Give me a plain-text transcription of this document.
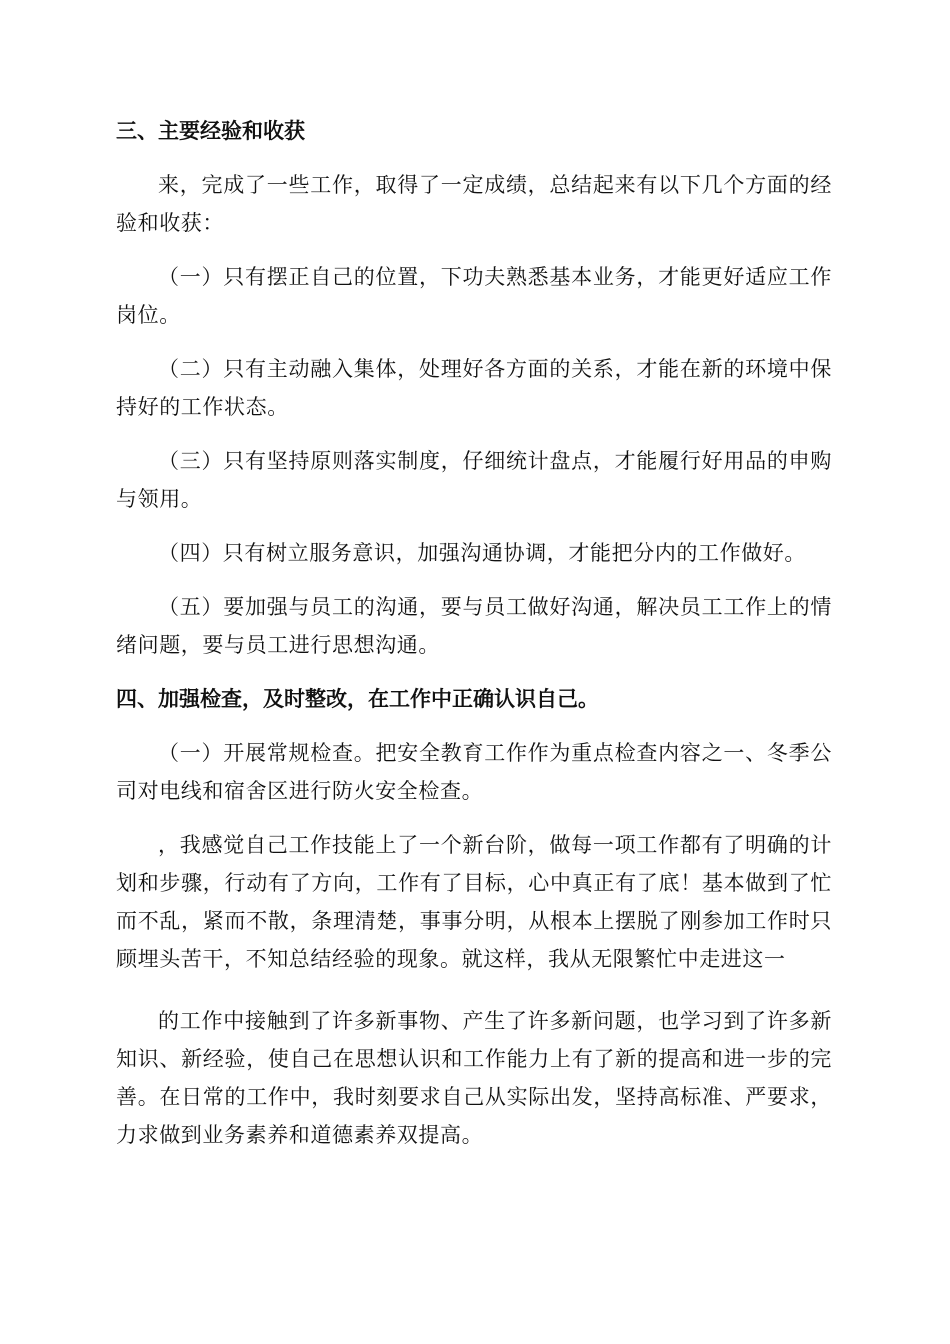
三、主要经验和收获

来，完成了一些工作，取得了一定成绩，总结起来有以下几个方面的经验和收获：

（一）只有摆正自己的位置，下功夫熟悉基本业务，才能更好适应工作岗位。

（二）只有主动融入集体，处理好各方面的关系，才能在新的环境中保持好的工作状态。

（三）只有坚持原则落实制度，仔细统计盘点，才能履行好用品的申购与领用。

（四）只有树立服务意识，加强沟通协调，才能把分内的工作做好。

（五）要加强与员工的沟通，要与员工做好沟通，解决员工工作上的情绪问题，要与员工进行思想沟通。

四、加强检查，及时整改，在工作中正确认识自己。

（一）开展常规检查。把安全教育工作作为重点检查内容之一、冬季公司对电线和宿舍区进行防火安全检查。

，我感觉自己工作技能上了一个新台阶，做每一项工作都有了明确的计划和步骤，行动有了方向，工作有了目标，心中真正有了底！基本做到了忙而不乱，紧而不散，条理清楚，事事分明，从根本上摆脱了刚参加工作时只顾埋头苦干，不知总结经验的现象。就这样，我从无限繁忙中走进这一

的工作中接触到了许多新事物、产生了许多新问题，也学习到了许多新知识、新经验，使自己在思想认识和工作能力上有了新的提高和进一步的完善。在日常的工作中，我时刻要求自己从实际出发，坚持高标准、严要求，力求做到业务素养和道德素养双提高。
